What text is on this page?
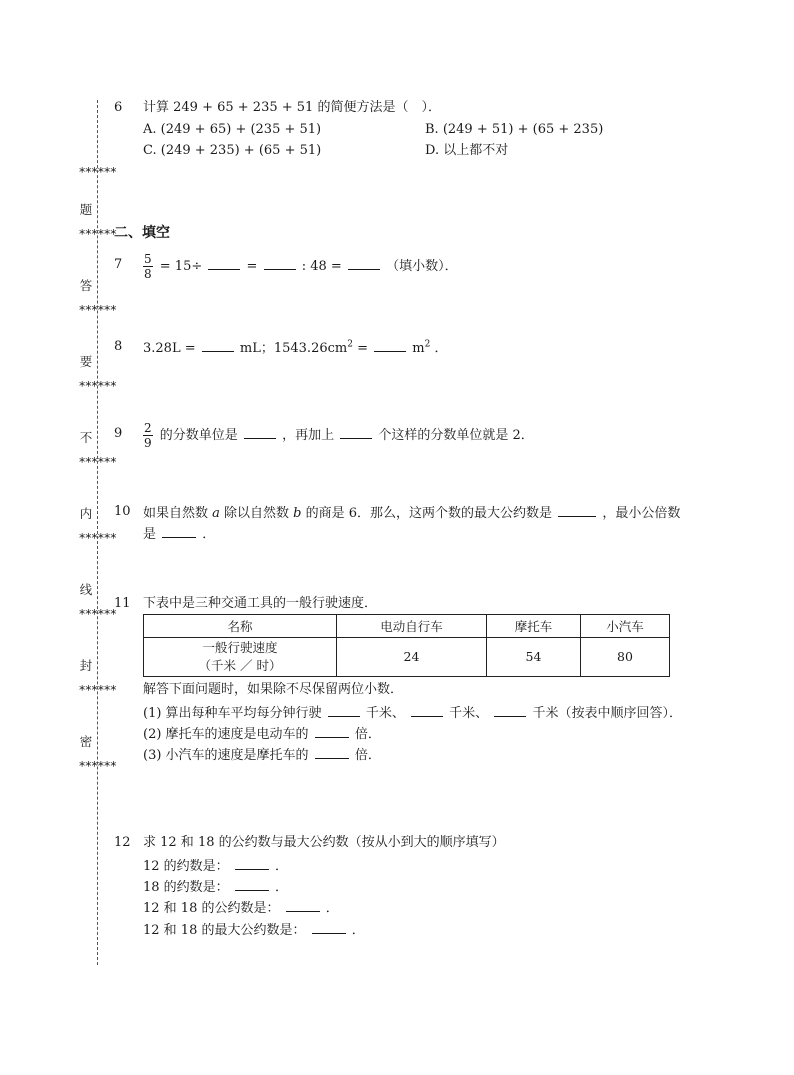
******
题
******
答
******
要
******
不
******
内
******
线
******
封
******
密
******
6 计算 249 + 65 + 235 + 51 的简便方法是（　）．
A. (249 + 65) + (235 + 51)	B. (249 + 51) + (65 + 235)
C. (249 + 235) + (65 + 51)	D. 以上都不对
二、填空
$7 \frac{5}{8} = 15\div$	=	: 48 =	（填小数）．
8 3.28L =	mL；$1543.26cm^2$ =	$m^2$ ．
$9 \frac{2}{9}$ 的分数单位是	，再加上	个这样的分数单位就是 2．
10 如果自然数 a 除以自然数 b 的商是 6．那么，这两个数的最大公约数是	，最小公倍数
是	．
11 下表中是三种交通工具的一般行驶速度．
名称	电动自行车	摩托车	小汽车

一般行驶速度
（千米 ／ 时）	24	54	80
解答下面问题时，如果除不尽保留两位小数．
(1) 算出每种车平均每分钟行驶	千米、	千米、	千米（按表中顺序回答）．
(2) 摩托车的速度是电动车的	倍．
(3) 小汽车的速度是摩托车的	倍．
12 求 12 和 18 的公约数与最大公约数（按从小到大的顺序填写）
12 的约数是：	．
18 的约数是：	．
12 和 18 的公约数是：	．
12 和 18 的最大公约数是：	．
